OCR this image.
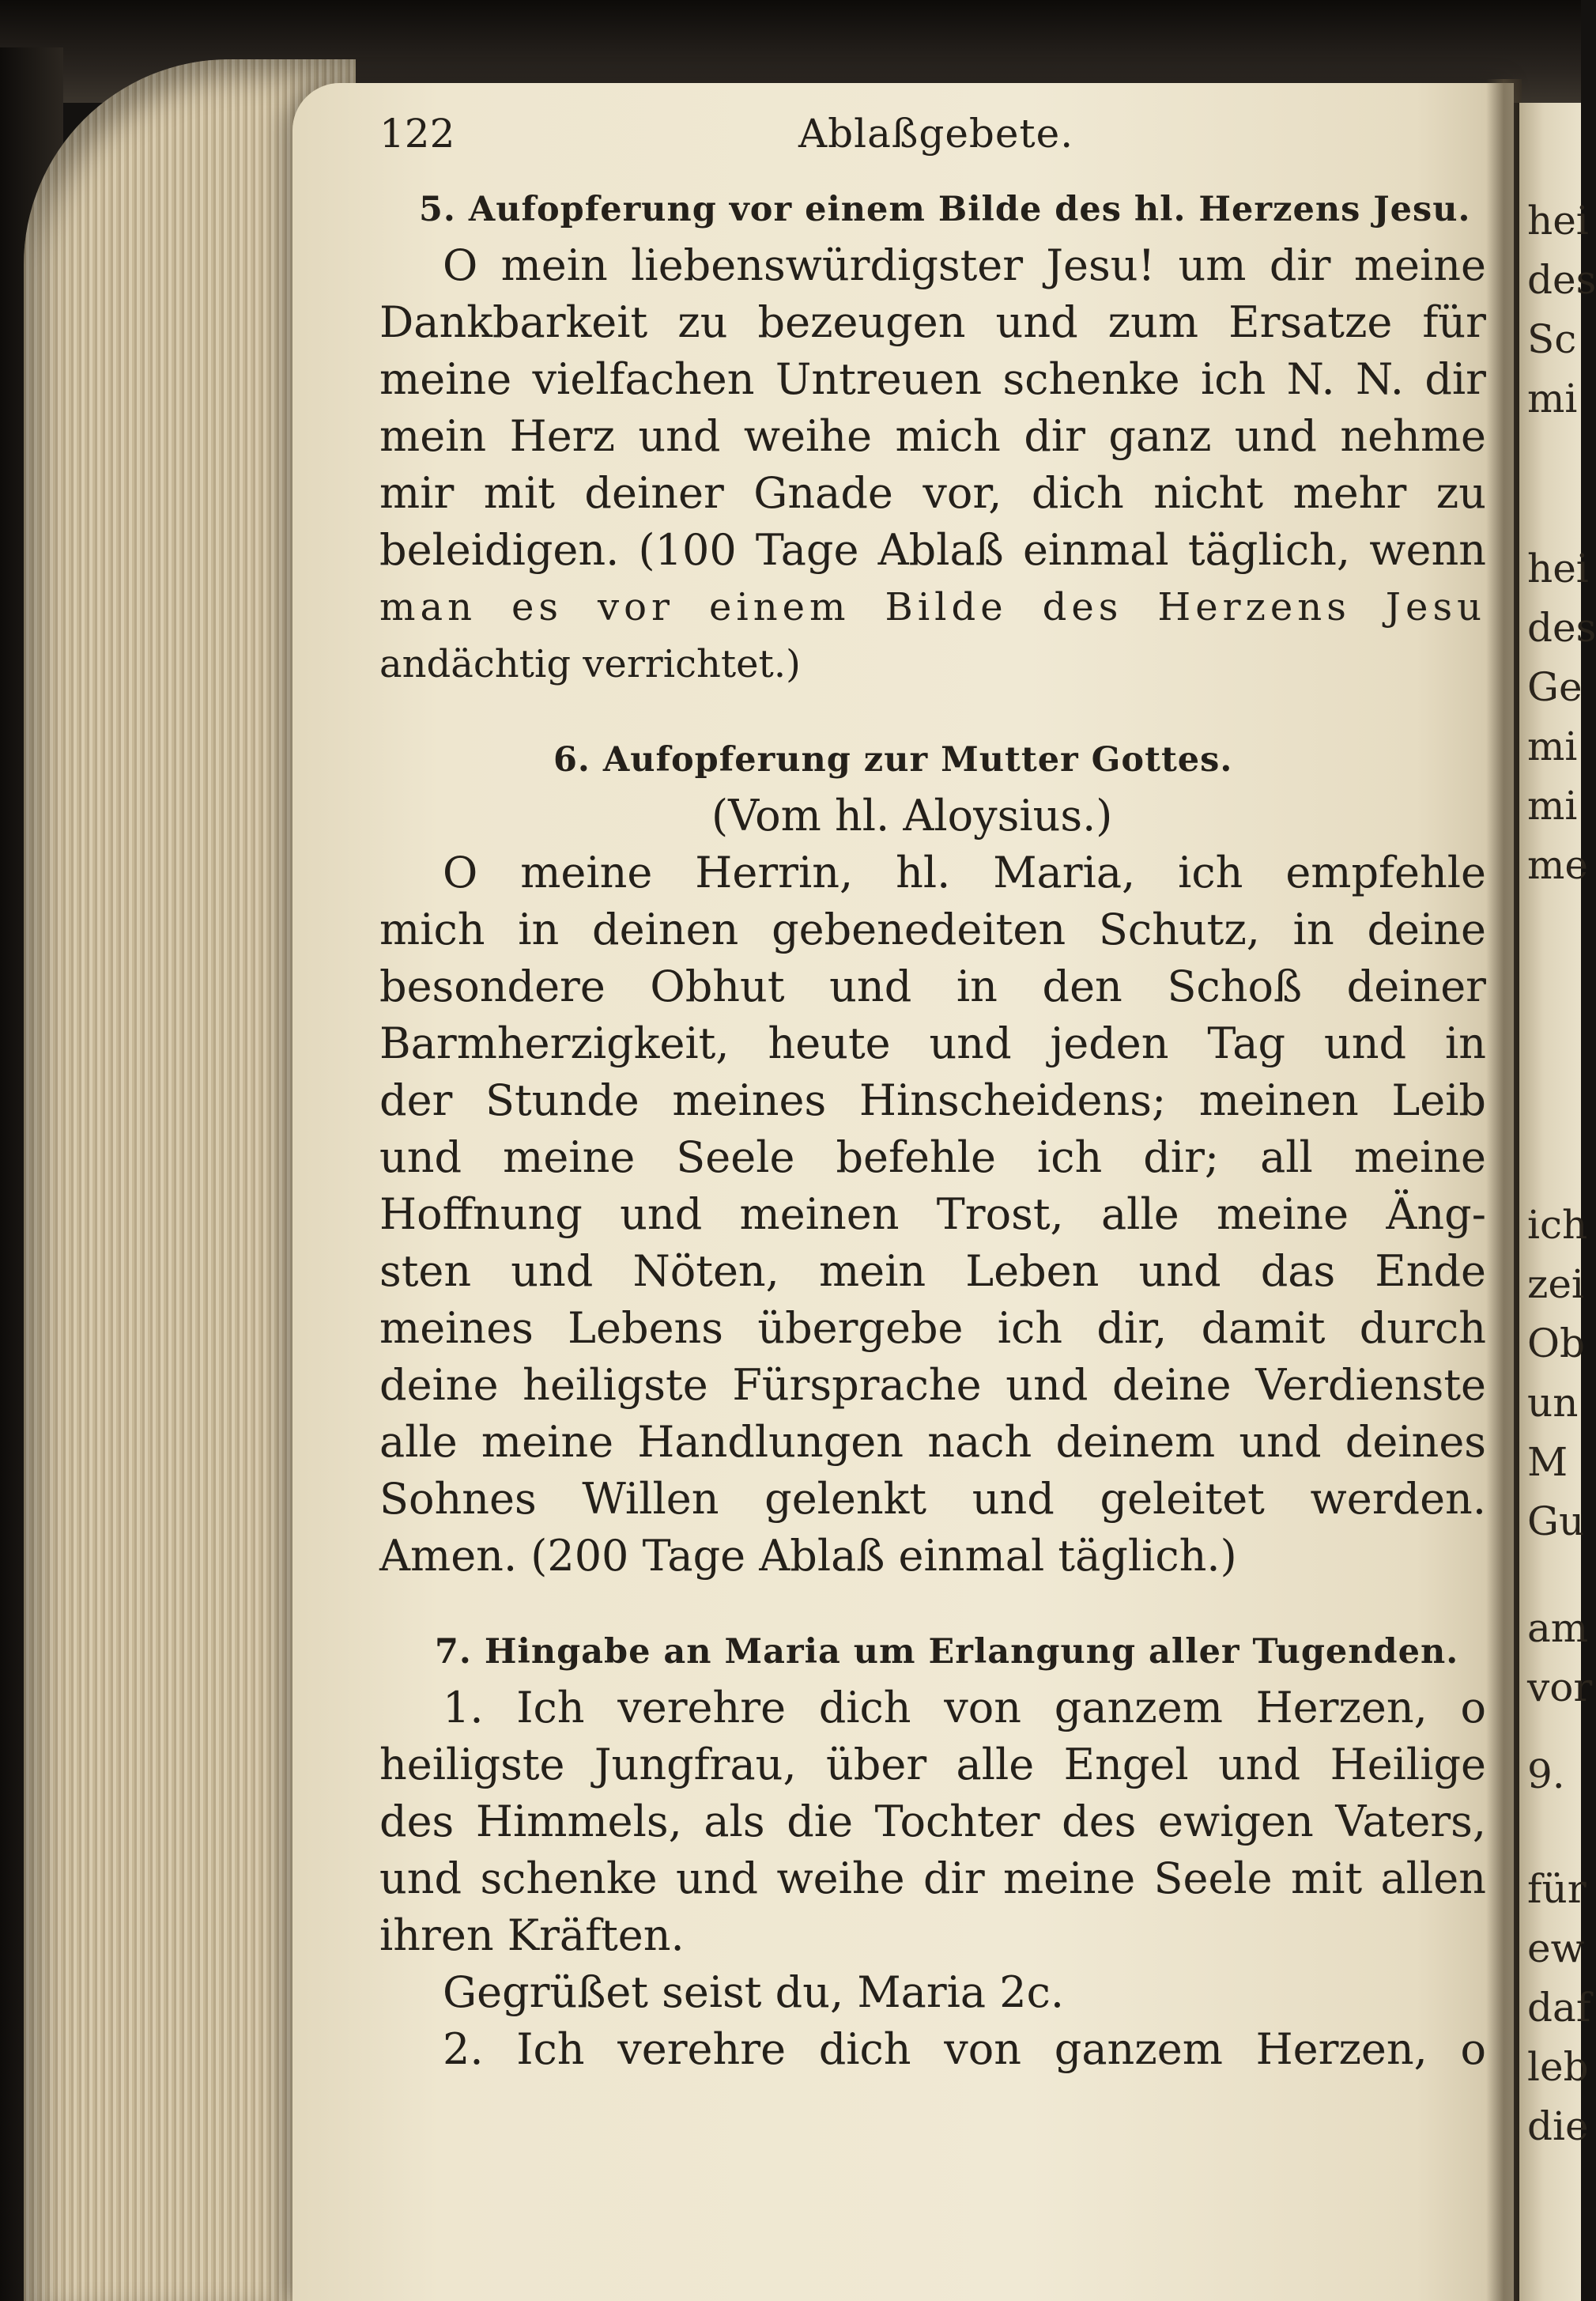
hei
des
Sc
mi
hei
des
Ge
mi
mi
me
ich
zei
Ob
un
M
Gu
am
vor
9.
für
ew
daf
leb
die
122	Ablaßgebete.
5. Aufopferung vor einem Bilde des hl. Herzens Jesu.
O mein liebenswürdigster Jesu! um dir meine
Dankbarkeit zu bezeugen und zum Ersatze für
meine vielfachen Untreuen schenke ich N. N. dir
mein Herz und weihe mich dir ganz und nehme
mir mit deiner Gnade vor, dich nicht mehr zu
beleidigen. (100 Tage Ablaß einmal täglich, wenn
man es vor einem Bilde des Herzens Jesu
andächtig verrichtet.)
6. Aufopferung zur Mutter Gottes.
(Vom hl. Aloysius.)
O meine Herrin, hl. Maria, ich empfehle
mich in deinen gebenedeiten Schutz, in deine
besondere Obhut und in den Schoß deiner
Barmherzigkeit, heute und jeden Tag und in
der Stunde meines Hinscheidens; meinen Leib
und meine Seele befehle ich dir; all meine
Hoffnung und meinen Trost, alle meine Äng-
sten und Nöten, mein Leben und das Ende
meines Lebens übergebe ich dir, damit durch
deine heiligste Fürsprache und deine Verdienste
alle meine Handlungen nach deinem und deines
Sohnes Willen gelenkt und geleitet werden.
Amen. (200 Tage Ablaß einmal täglich.)
7. Hingabe an Maria um Erlangung aller Tugenden.
1. Ich verehre dich von ganzem Herzen, o
heiligste Jungfrau, über alle Engel und Heilige
des Himmels, als die Tochter des ewigen Vaters,
und schenke und weihe dir meine Seele mit allen
ihren Kräften.
Gegrüßet seist du, Maria 2c.
2. Ich verehre dich von ganzem Herzen, o
